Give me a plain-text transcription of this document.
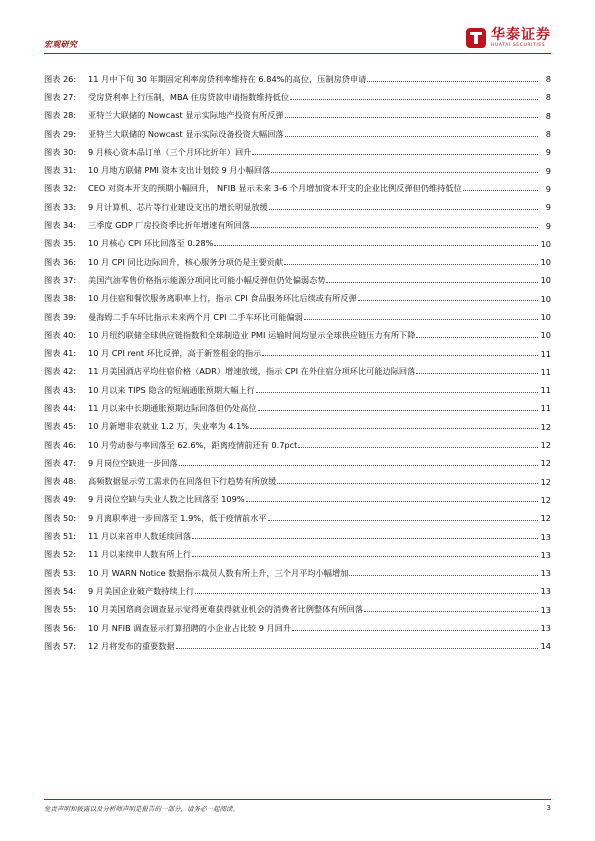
宏观研究
华泰证券
HUATAI SECURITIES
图表 26:	11 月中下旬 30 年期固定利率房贷利率维持在 6.84%的高位，压制房贷申请	8
图表 27:	受房贷利率上行压制，MBA 住房贷款申请指数维持低位	8
图表 28:	亚特兰大联储的 Nowcast 显示实际地产投资有所反弹	8
图表 29:	亚特兰大联储的 Nowcast 显示实际设备投资大幅回落	8
图表 30:	9 月核心资本品订单（三个月环比折年）回升	9
图表 31:	10 月地方联储 PMI 资本支出计划较 9 月小幅回落	9
图表 32:	CEO 对资本开支的预期小幅回升， NFIB 显示未来 3-6 个月增加资本开支的企业比例反弹但仍维持低位	9
图表 33:	9 月计算机、芯片等行业建设支出的增长明显放缓	9
图表 34:	三季度 GDP 厂房投资季比折年增速有所回落	9
图表 35:	10 月核心 CPI 环比回落至 0.28%	10
图表 36:	10 月 CPI 同比边际回升，核心服务分项仍是主要贡献	10
图表 37:	美国汽油零售价格指示能源分项同比可能小幅反弹但仍处偏弱态势	10
图表 38:	10 月住宿和餐饮服务离职率上行，指示 CPI 食品服务环比后续或有所反弹	10
图表 39:	曼海姆二手车环比指示未来两个月 CPI 二手车环比可能偏弱	10
图表 40:	10 月纽约联储全球供应链指数和全球制造业 PMI 运输时间均显示全球供应链压力有所下降	10
图表 41:	10 月 CPI rent 环比反弹，高于新签租金的指示	11
图表 42:	11 月美国酒店平均住宿价格（ADR）增速放缓，指示 CPI 在外住宿分项环比可能边际回落	11
图表 43:	10 月以来 TIPS 隐含的短端通胀预期大幅上行	11
图表 44:	11 月以来中长期通胀预期边际回落但仍处高位	11
图表 45:	10 月新增非农就业 1.2 万，失业率为 4.1%	12
图表 46:	10 月劳动参与率回落至 62.6%，距离疫情前还有 0.7pct	12
图表 47:	9 月岗位空缺进一步回落	12
图表 48:	高频数据显示劳工需求仍在回落但下行趋势有所放缓	12
图表 49:	9 月岗位空缺与失业人数之比回落至 109%	12
图表 50:	9 月离职率进一步回落至 1.9%，低于疫情前水平	12
图表 51:	11 月以来首申人数延续回落	13
图表 52:	11 月以来续申人数有所上行	13
图表 53:	10 月 WARN Notice 数据指示裁员人数有所上升，三个月平均小幅增加	13
图表 54:	9 月美国企业破产数持续上行	13
图表 55:	10 月美国谘商会调查显示觉得更难获得就业机会的消费者比例整体有所回落	13
图表 56:	10 月 NFIB 调查显示打算招聘的小企业占比较 9 月回升	13
图表 57:	12 月将发布的重要数据	14
免责声明和披露以及分析师声明是报告的一部分，请务必一起阅读。	3
